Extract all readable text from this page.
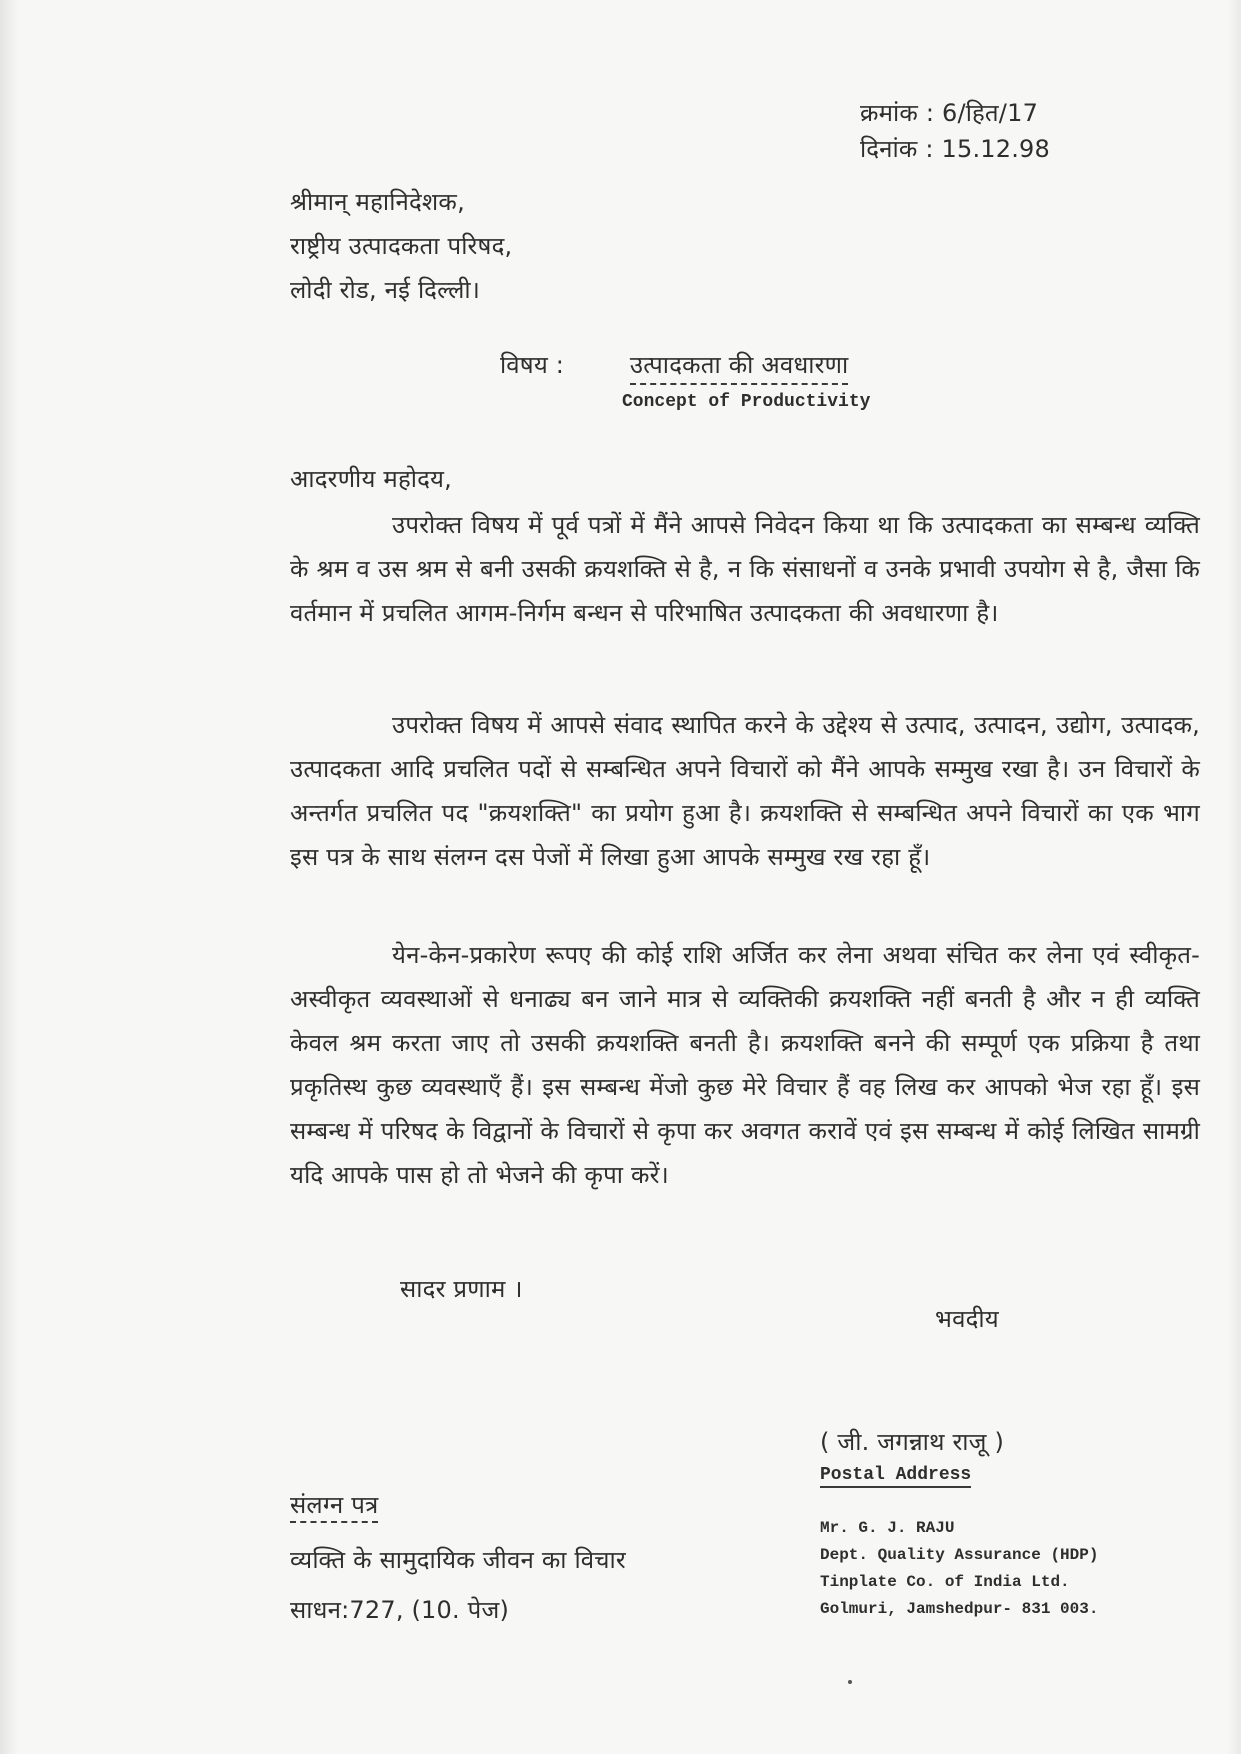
क्रमांक : 6/हित/17
दिनांक : 15.12.98
श्रीमान् महानिदेशक,
राष्ट्रीय उत्पादकता परिषद,
लोदी रोड, नई दिल्ली।
विषय :	उत्पादकता की अवधारणा
Concept of Productivity
आदरणीय महोदय,
उपरोक्त विषय में पूर्व पत्रों में मैंने आपसे निवेदन किया था कि उत्पादकता का सम्बन्ध व्यक्ति के श्रम व उस श्रम से बनी उसकी क्रयशक्ति से है, न कि संसाधनों व उनके प्रभावी उपयोग से है, जैसा कि वर्तमान में प्रचलित आगम-निर्गम बन्धन से परिभाषित उत्पादकता की अवधारणा है।
उपरोक्त विषय में आपसे संवाद स्थापित करने के उद्देश्य से उत्पाद, उत्पादन, उद्योग, उत्पादक, उत्पादकता आदि प्रचलित पदों से सम्बन्धित अपने विचारों को मैंने आपके सम्मुख रखा है। उन विचारों के अन्तर्गत प्रचलित पद "क्रयशक्ति" का प्रयोग हुआ है। क्रयशक्ति से सम्बन्धित अपने विचारों का एक भाग इस पत्र के साथ संलग्न दस पेजों में लिखा हुआ आपके सम्मुख रख रहा हूँ।
येन-केन-प्रकारेण रूपए की कोई राशि अर्जित कर लेना अथवा संचित कर लेना एवं स्वीकृत-अस्वीकृत व्यवस्थाओं से धनाढ्य बन जाने मात्र से व्यक्तिकी क्रयशक्ति नहीं बनती है और न ही व्यक्ति केवल श्रम करता जाए तो उसकी क्रयशक्ति बनती है। क्रयशक्ति बनने की सम्पूर्ण एक प्रक्रिया है तथा प्रकृतिस्थ कुछ व्यवस्थाएँ हैं। इस सम्बन्ध मेंजो कुछ मेरे विचार हैं वह लिख कर आपको भेज रहा हूँ। इस सम्बन्ध में परिषद के विद्वानों के विचारों से कृपा कर अवगत करावें एवं इस सम्बन्ध में कोई लिखित सामग्री यदि आपके पास हो तो भेजने की कृपा करें।
सादर प्रणाम ।
भवदीय
( जी. जगन्नाथ राजू )
Postal Address
Mr. G. J. RAJU
Dept. Quality Assurance (HDP)
Tinplate Co. of India Ltd.
Golmuri, Jamshedpur- 831 003.
संलग्न पत्र
व्यक्ति के सामुदायिक जीवन का विचार
साधन:727, (10. पेज)
